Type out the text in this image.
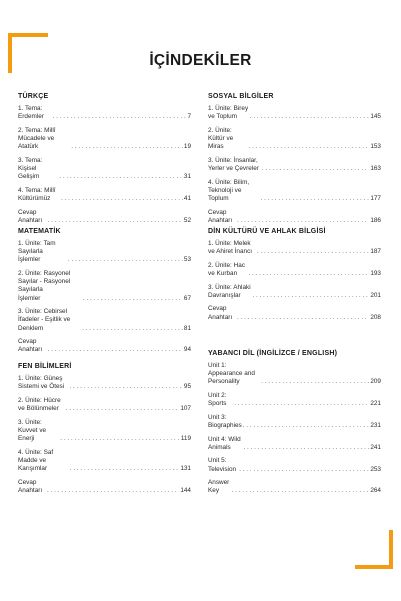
İÇİNDEKİLER
TÜRKÇE
1. Tema: Erdemler . . .	7
2. Tema: Millî Mücadele ve Atatürk . . .	19
3. Tema: Kişisel Gelişim . . .	31
4. Tema: Millî Kültürümüz . . .	41
Cevap Anahtarı . . .	52
SOSYAL BİLGİLER
1. Ünite: Birey ve Toplum . . .	145
2. Ünite: Kültür ve Miras . . .	153
3. Ünite: İnsanlar, Yerler ve Çevreler . . .	163
4. Ünite: Bilim, Teknoloji ve Toplum . . .	177
Cevap Anahtarı . . .	186
MATEMATİK
1. Ünite: Tam Sayılarla İşlemler . . .	53
2. Ünite: Rasyonel Sayılar - Rasyonel Sayılarla
İşlemler . . .	67
3. Ünite: Cebirsel İfadeler - Eşitlik ve Denklem . . .	81
Cevap Anahtarı . . .	94
DİN KÜLTÜRÜ VE AHLAK BİLGİSİ
1. Ünite: Melek ve Ahiret İnancı . . .	187
2. Ünite: Hac ve Kurban . . .	193
3. Ünite: Ahlaki Davranışlar . . .	201
Cevap Anahtarı . . .	208
FEN BİLİMLERİ
1. Ünite: Güneş Sistemi ve Ötesi . . .	95
2. Ünite: Hücre ve Bölünmeler . . .	107
3. Ünite: Kuvvet ve Enerji . . .	119
4. Ünite: Saf Madde ve Karışımlar . . .	131
Cevap Anahtarı . . .	144
YABANCI DİL (İNGİLİZCE / ENGLISH)
Unit 1: Appearance and Personality . . .	209
Unit 2: Sports . . .	221
Unit 3: Biographies . . .	231
Unit 4: Wild Animals . . .	241
Unit 5: Television . . .	253
Answer Key . . .	264
